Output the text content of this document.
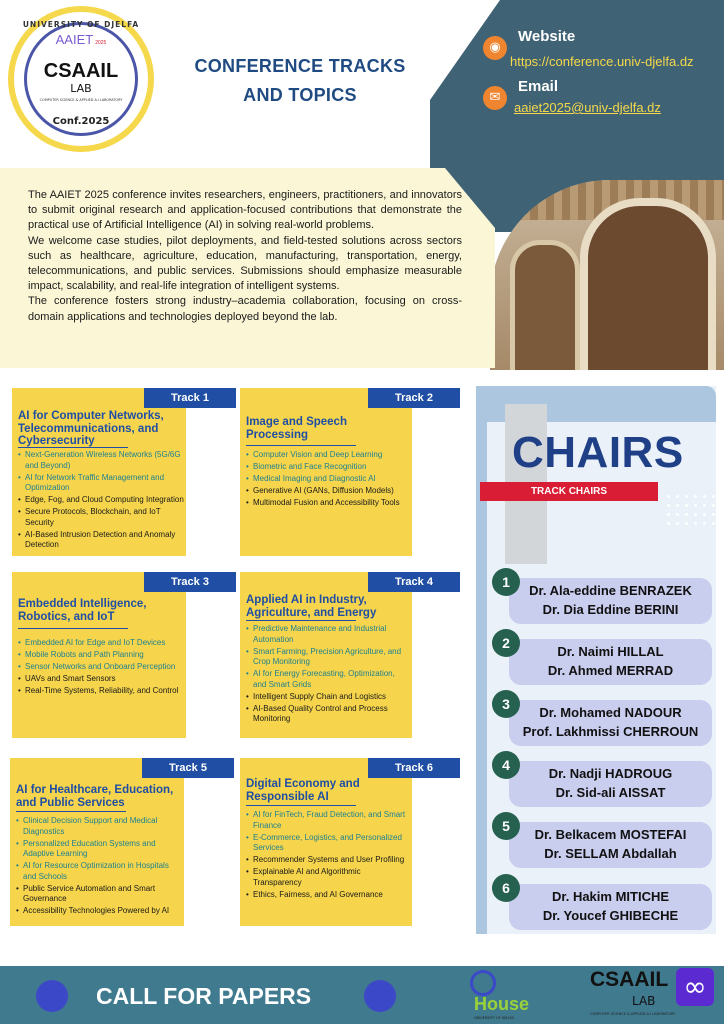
UNIVERSITY OF DJELFA
AAIET 2025
CSAAIL
LAB
COMPUTER SCIENCE & APPLIED A.I LABORATORY
Conf.2025
CONFERENCE TRACKS
AND TOPICS
◉
Website
https://conference.univ-djelfa.dz
✉
Email
aaiet2025@univ-djelfa.dz

The AAIET 2025 conference invites researchers, engineers, practitioners, and innovators to submit original research and application-focused contributions that demonstrate the practical use of Artificial Intelligence (AI) in solving real-world problems.

We welcome case studies, pilot deployments, and field-tested solutions across sectors such as healthcare, agriculture, education, manufacturing, transportation, energy, telecommunications, and public services. Submissions should emphasize measurable impact, scalability, and real-life integration of intelligent systems.

The conference fosters strong industry–academia collaboration, focusing on cross-domain applications and technologies deployed beyond the lab.

Track 1
AI for Computer Networks, Telecommunications, and Cybersecurity
• Next-Generation Wireless Networks (5G/6G and Beyond)
• AI for Network Traffic Management and Optimization
• Edge, Fog, and Cloud Computing Integration
• Secure Protocols, Blockchain, and IoT Security
• AI-Based Intrusion Detection and Anomaly Detection
Track 2
Image and Speech Processing
• Computer Vision and Deep Learning
• Biometric and Face Recognition
• Medical Imaging and Diagnostic AI
• Generative AI (GANs, Diffusion Models)
• Multimodal Fusion and Accessibility Tools
Track 3
Embedded Intelligence, Robotics, and IoT
• Embedded AI for Edge and IoT Devices
• Mobile Robots and Path Planning
• Sensor Networks and Onboard Perception
• UAVs and Smart Sensors
• Real-Time Systems, Reliability, and Control
Track 4
Applied AI in Industry, Agriculture, and Energy
• Predictive Maintenance and Industrial Automation
• Smart Farming, Precision Agriculture, and Crop Monitoring
• AI for Energy Forecasting, Optimization, and Smart Grids
• Intelligent Supply Chain and Logistics
• AI-Based Quality Control and Process Monitoring
Track 5
AI for Healthcare, Education, and Public Services
• Clinical Decision Support and Medical Diagnostics
• Personalized Education Systems and Adaptive Learning
• AI for Resource Optimization in Hospitals and Schools
• Public Service Automation and Smart Governance
• Accessibility Technologies Powered by AI
Track 6
Digital Economy and Responsible AI
• AI for FinTech, Fraud Detection, and Smart Finance
• E-Commerce, Logistics, and Personalized Services
• Recommender Systems and User Profiling
• Explainable AI and Algorithmic Transparency
• Ethics, Fairness, and AI Governance
CHAIRS
TRACK CHAIRS
1
Dr. Ala-eddine BENRAZEK
Dr. Dia Eddine BERINI
2
Dr. Naimi HILLAL
Dr. Ahmed MERRAD
3
Dr. Mohamed NADOUR
Prof. Lakhmissi CHERROUN
4
Dr. Nadji HADROUG
Dr. Sid-ali AISSAT
5
Dr. Belkacem MOSTEFAI
Dr. SELLAM Abdallah
6
Dr. Hakim MITICHE
Dr. Youcef GHIBECHE
CALL FOR PAPERS	House
UNIVERSITY OF DJELFA
CSAAIL
LAB ∞
COMPUTER SCIENCE & APPLIED A.I LABORATORY
